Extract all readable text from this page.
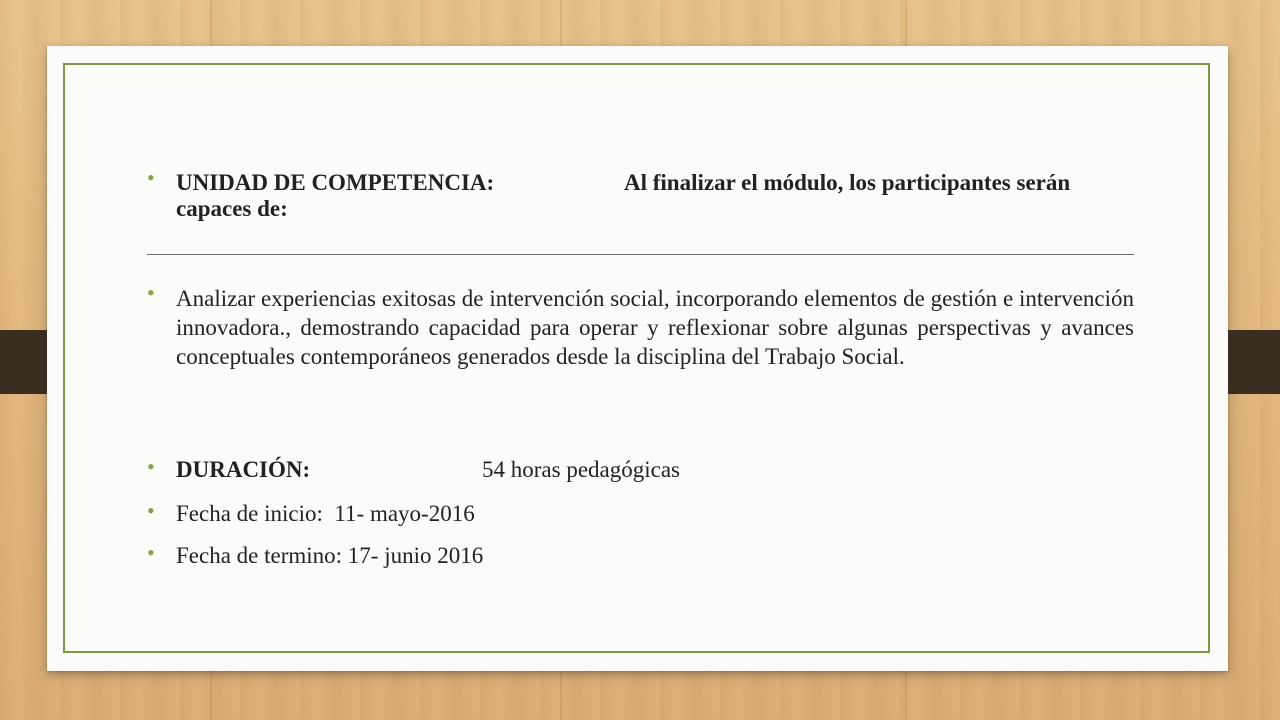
• UNIDAD DE COMPETENCIA:	Al finalizar el módulo, los participantes serán capaces de:
• Analizar experiencias exitosas de intervención social, incorporando elementos de gestión e intervención innovadora., demostrando capacidad para operar y reflexionar sobre algunas perspectivas y avances conceptuales contemporáneos generados desde la disciplina del Trabajo Social.
• DURACIÓN:	54 horas pedagógicas
• Fecha de inicio:  11- mayo-2016
• Fecha de termino: 17- junio 2016
